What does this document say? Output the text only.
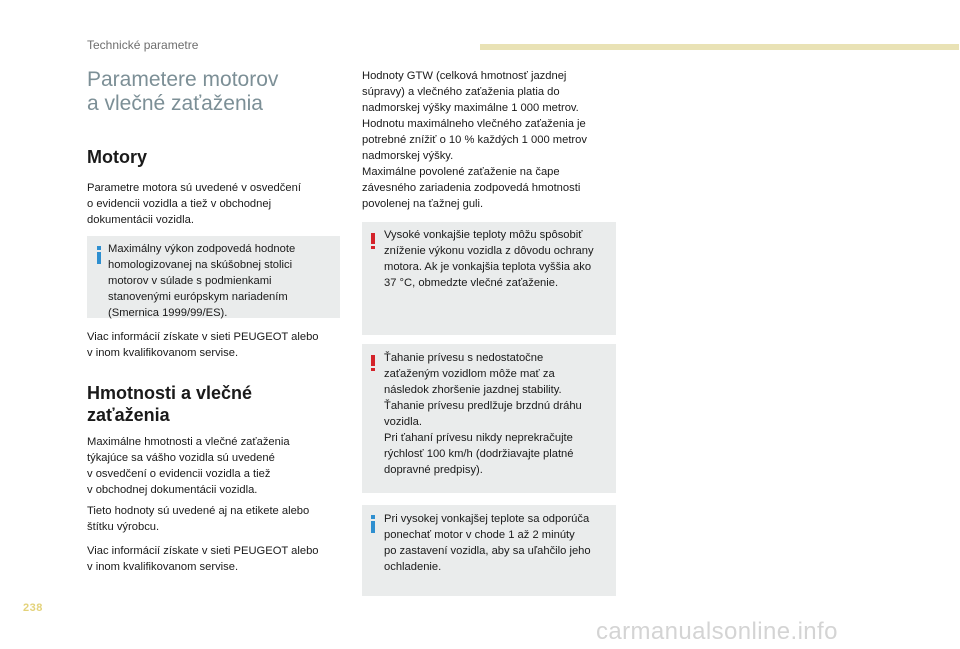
Technické parametre
Parametere motorov
a vlečné zaťaženia
Motory
Parametre motora sú uvedené v osvedčení
o evidencii vozidla a tiež v obchodnej
dokumentácii vozidla.
Maximálny výkon zodpovedá hodnote
homologizovanej na skúšobnej stolici
motorov v súlade s podmienkami
stanovenými európskym nariadením
(Smernica 1999/99/ES).
Viac informácií získate v sieti PEUGEOT alebo
v inom kvalifikovanom servise.
Hmotnosti a vlečné
zaťaženia
Maximálne hmotnosti a vlečné zaťaženia
týkajúce sa vášho vozidla sú uvedené
v osvedčení o evidencii vozidla a tiež
v obchodnej dokumentácii vozidla.
Tieto hodnoty sú uvedené aj na etikete alebo
štítku výrobcu.
Viac informácií získate v sieti PEUGEOT alebo
v inom kvalifikovanom servise.
Hodnoty GTW (celková hmotnosť jazdnej
súpravy) a vlečného zaťaženia platia do
nadmorskej výšky maximálne 1 000 metrov.
Hodnotu maximálneho vlečného zaťaženia je
potrebné znížiť o 10 % každých 1 000 metrov
nadmorskej výšky.
Maximálne povolené zaťaženie na čape
závesného zariadenia zodpovedá hmotnosti
povolenej na ťažnej guli.
Vysoké vonkajšie teploty môžu spôsobiť
zníženie výkonu vozidla z dôvodu ochrany
motora. Ak je vonkajšia teplota vyššia ako
37 °C, obmedzte vlečné zaťaženie.
Ťahanie prívesu s nedostatočne
zaťaženým vozidlom môže mať za
následok zhoršenie jazdnej stability.
Ťahanie prívesu predlžuje brzdnú dráhu
vozidla.
Pri ťahaní prívesu nikdy neprekračujte
rýchlosť 100 km/h (dodržiavajte platné
dopravné predpisy).
Pri vysokej vonkajšej teplote sa odporúča
ponechať motor v chode 1 až 2 minúty
po zastavení vozidla, aby sa uľahčilo jeho
ochladenie.
238
carmanualsonline.info
